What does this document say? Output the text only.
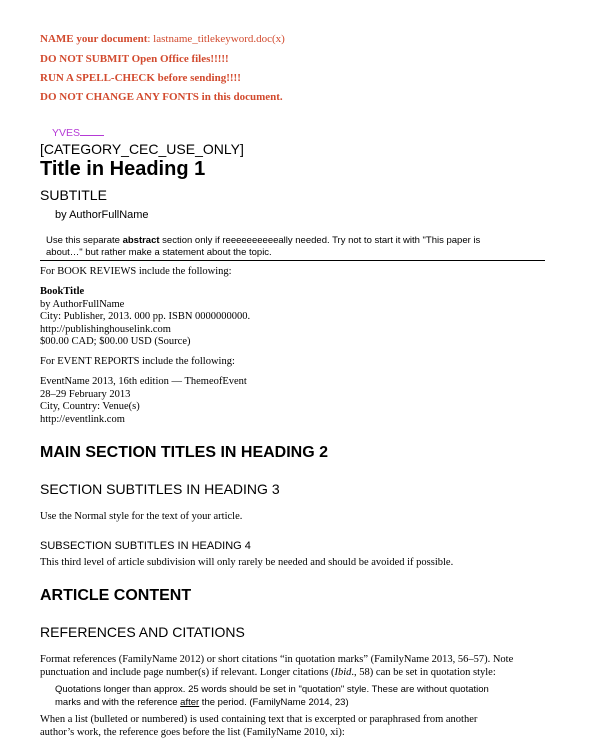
NAME your document: lastname_titlekeyword.doc(x)
DO NOT SUBMIT Open Office files!!!!!
RUN A SPELL-CHECK before sending!!!!
DO NOT CHANGE ANY FONTS in this document.
YVES
[CATEGORY_CEC_USE_ONLY]
Title in Heading 1
SUBTITLE
by AuthorFullName
Use this separate abstract section only if reeeeeeeeeeally needed. Try not to start it with "This paper is
about…" but rather make a statement about the topic.
For BOOK REVIEWS include the following:
BookTitle
by AuthorFullName
City: Publisher, 2013. 000 pp. ISBN 0000000000.
http://publishinghouselink.com
$00.00 CAD; $00.00 USD (Source)
For EVENT REPORTS include the following:
EventName 2013, 16th edition — ThemeofEvent
28–29 February 2013
City, Country: Venue(s)
http://eventlink.com
MAIN SECTION TITLES IN HEADING 2
SECTION SUBTITLES IN HEADING 3
Use the Normal style for the text of your article.
SUBSECTION SUBTITLES IN HEADING 4
This third level of article subdivision will only rarely be needed and should be avoided if possible.
ARTICLE CONTENT
REFERENCES AND CITATIONS
Format references (FamilyName 2012) or short citations “in quotation marks” (FamilyName 2013, 56–57). Note
punctuation and include page number(s) if relevant. Longer citations (Ibid., 58) can be set in quotation style:
Quotations longer than approx. 25 words should be set in "quotation" style. These are without quotation
marks and with the reference after the period. (FamilyName 2014, 23)
When a list (bulleted or numbered) is used containing text that is excerpted or paraphrased from another
author’s work, the reference goes before the list (FamilyName 2010, xi):
